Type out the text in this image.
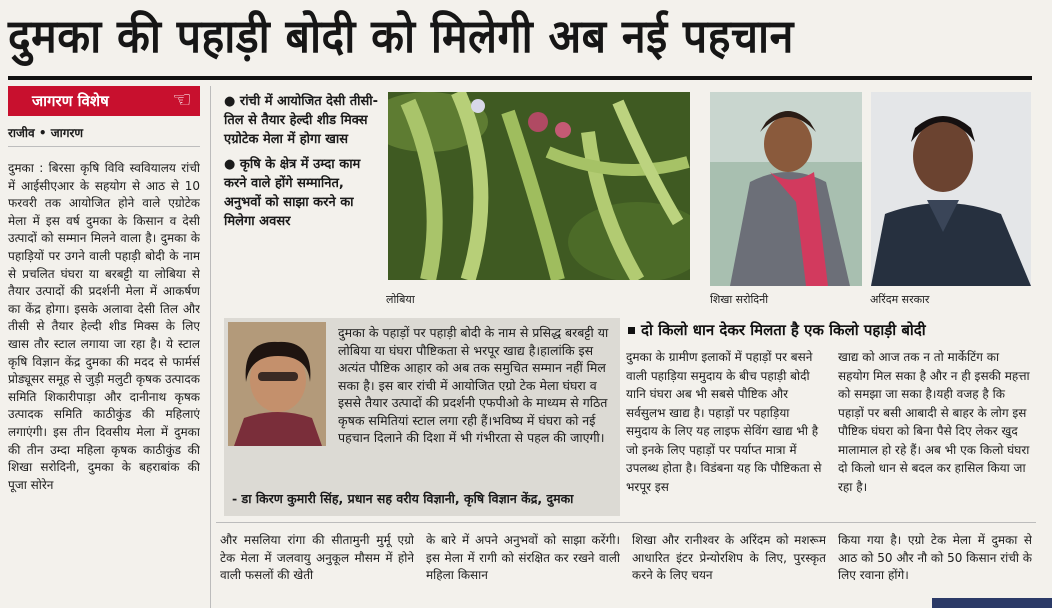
दुमका की पहाड़ी बोदी को मिलेगी अब नई पहचान
जागरण विशेष	☜
राजीव • जागरण

दुमका : बिरसा कृषि विवि स्ववियालय रांची में आईसीएआर के सहयोग से आठ से 10 फरवरी तक आयोजित होने वाले एग्रोटेक मेला में इस वर्ष दुमका के किसान व देसी उत्पादों को सम्मान मिलने वाला है। दुमका के पहाड़ियों पर उगने वाली पहाड़ी बोदी के नाम से प्रचलित घंघरा या बरबट्टी या लोबिया से तैयार उत्पादों की प्रदर्शनी मेला में आकर्षण का केंद्र होगा। इसके अलावा देसी तिल और तीसी से तैयार हेल्दी शीड मिक्स के लिए खास तौर स्टाल लगाया जा रहा है। ये स्टाल कृषि विज्ञान केंद्र दुमका की मदद से फार्मर्स प्रोड्यूसर समूह से जुड़ी मलुटी कृषक उत्पादक समिति शिकारीपाड़ा और दानीनाथ कृषक उत्पादक समिति काठीकुंड की महिलाएं लगाएंगी। इस तीन दिवसीय मेला में दुमका की तीन उम्दा महिला कृषक काठीकुंड की शिखा सरोदिनी, दुमका के बहराबांक की पूजा सोरेन

● रांची में आयोजित देसी तीसी-तिल से तैयार हेल्दी शीड मिक्स एग्रोटेक मेला में होगा खास
● कृषि के क्षेत्र में उम्दा काम करने वाले होंगे सम्मानित, अनुभवों को साझा करने का मिलेगा अवसर
लोबिया	शिखा सरोदिनी	अरिंदम सरकार
दुमका के पहाड़ों पर पहाड़ी बोदी के नाम से प्रसिद्ध बरबट्टी या लोबिया या घंघरा पौष्टिकता से भरपूर खाद्य है।हालांकि इस अत्यंत पौष्टिक आहार को अब तक समुचित सम्मान नहीं मिल सका है। इस बार रांची में आयोजित एग्रो टेक मेला घंघरा व इससे तैयार उत्पादों की प्रदर्शनी एफपीओ के माध्यम से गठित कृषक समितियां स्टाल लगा रही हैं।भविष्य में घंघरा को नई पहचान दिलाने की दिशा में भी गंभीरता से पहल की जाएगी।
- डा किरण कुमारी सिंह, प्रधान सह वरीय विज्ञानी, कृषि विज्ञान केंद्र, दुमका
दो किलो धान देकर मिलता है एक किलो पहाड़ी बोदी
दुमका के ग्रामीण इलाकों में पहाड़ों पर बसने वाली पहाड़िया समुदाय के बीच पहाड़ी बोदी यानि घंघरा अब भी सबसे पौष्टिक और सर्वसुलभ खाद्य है। पहाड़ों पर पहाड़िया समुदाय के लिए यह लाइफ सेविंग खाद्य भी है जो इनके लिए पहाड़ों पर पर्याप्त मात्रा में उपलब्ध होता है। विडंबना यह कि पौष्टिकता से भरपूर इस
खाद्य को आज तक न तो मार्केटिंग का सहयोग मिल सका है और न ही इसकी महत्ता को समझा जा सका है।यही वजह है कि पहाड़ों पर बसी आबादी से बाहर के लोग इस पौष्टिक घंघरा को बिना पैसे दिए लेकर खुद मालामाल हो रहे हैं। अब भी एक किलो घंघरा दो किलो धान से बदल कर हासिल किया जा रहा है।
और मसलिया रांगा की सीतामुनी मुर्मू एग्रो टेक मेला में जलवायु अनुकूल मौसम में होने वाली फसलों की खेती
के बारे में अपने अनुभवों को साझा करेंगी। इस मेला में रागी को संरक्षित कर रखने वाली महिला किसान
शिखा और रानीश्वर के अरिंदम को मशरूम आधारित इंटर प्रेन्योरशिप के लिए, पुरस्कृत करने के लिए चयन
किया गया है। एग्रो टेक मेला में दुमका से आठ को 50 और नौ को 50 किसान रांची के लिए रवाना होंगे।
